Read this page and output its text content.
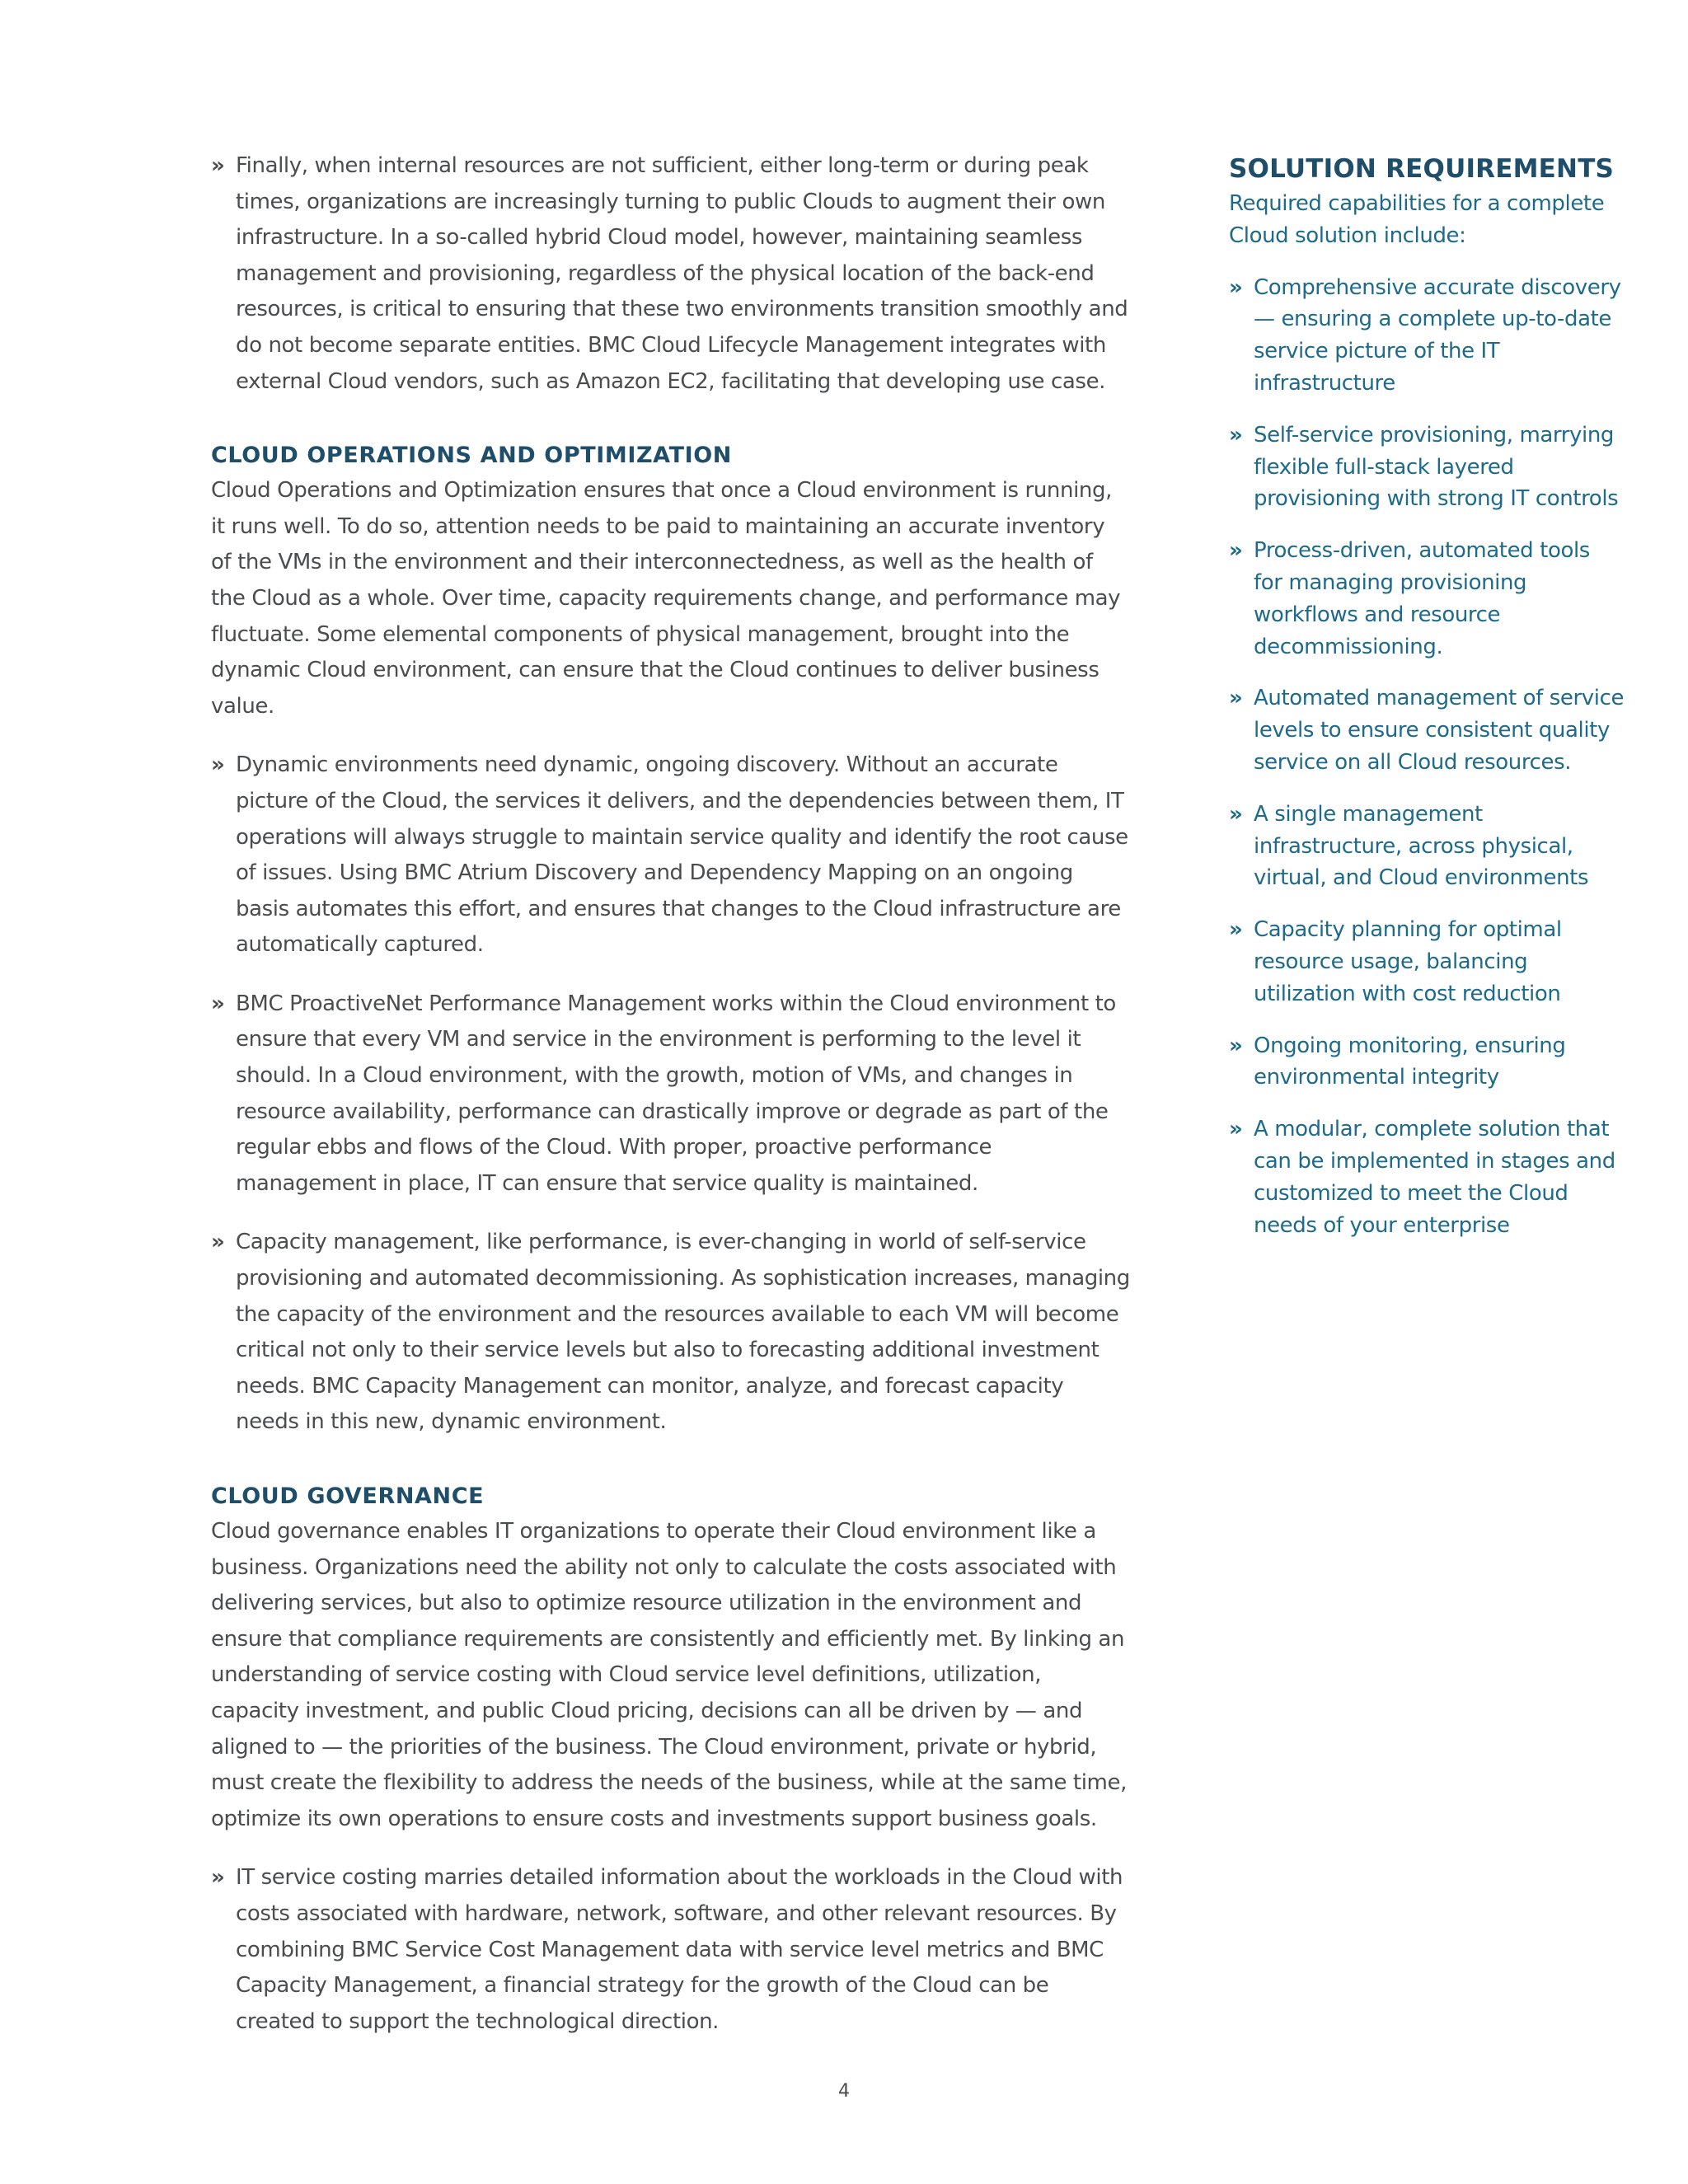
» Finally, when internal resources are not sufficient, either long-term or during peak times, organizations are increasingly turning to public Clouds to augment their own infrastructure. In a so-called hybrid Cloud model, however, maintaining seamless management and provisioning, regardless of the physical location of the back-end resources, is critical to ensuring that these two environments transition smoothly and do not become separate entities. BMC Cloud Lifecycle Management integrates with external Cloud vendors, such as Amazon EC2, facilitating that developing use case.

CLOUD OPERATIONS AND OPTIMIZATION

Cloud Operations and Optimization ensures that once a Cloud environment is running, it runs well. To do so, attention needs to be paid to maintaining an accurate inventory of the VMs in the environment and their interconnectedness, as well as the health of the Cloud as a whole. Over time, capacity requirements change, and performance may fluctuate. Some elemental components of physical management, brought into the dynamic Cloud environment, can ensure that the Cloud continues to deliver business value.

» Dynamic environments need dynamic, ongoing discovery. Without an accurate picture of the Cloud, the services it delivers, and the dependencies between them, IT operations will always struggle to maintain service quality and identify the root cause of issues. Using BMC Atrium Discovery and Dependency Mapping on an ongoing basis automates this effort, and ensures that changes to the Cloud infrastructure are automatically captured.

» BMC ProactiveNet Performance Management works within the Cloud environment to ensure that every VM and service in the environment is performing to the level it should. In a Cloud environment, with the growth, motion of VMs, and changes in resource availability, performance can drastically improve or degrade as part of the regular ebbs and flows of the Cloud. With proper, proactive performance management in place, IT can ensure that service quality is maintained.

» Capacity management, like performance, is ever-changing in world of self-service provisioning and automated decommissioning. As sophistication increases, managing the capacity of the environment and the resources available to each VM will become critical not only to their service levels but also to forecasting additional investment needs. BMC Capacity Management can monitor, analyze, and forecast capacity needs in this new, dynamic environment.

CLOUD GOVERNANCE

Cloud governance enables IT organizations to operate their Cloud environment like a business. Organizations need the ability not only to calculate the costs associated with delivering services, but also to optimize resource utilization in the environment and ensure that compliance requirements are consistently and efficiently met. By linking an understanding of service costing with Cloud service level definitions, utilization, capacity investment, and public Cloud pricing, decisions can all be driven by — and aligned to — the priorities of the business. The Cloud environment, private or hybrid, must create the flexibility to address the needs of the business, while at the same time, optimize its own operations to ensure costs and investments support business goals.

» IT service costing marries detailed information about the workloads in the Cloud with costs associated with hardware, network, software, and other relevant resources. By combining BMC Service Cost Management data with service level metrics and BMC Capacity Management, a financial strategy for the growth of the Cloud can be created to support the technological direction.

SOLUTION REQUIREMENTS

Required capabilities for a complete Cloud solution include:

» Comprehensive accurate discovery — ensuring a complete up-to-date service picture of the IT infrastructure
» Self-service provisioning, marrying flexible full-stack layered provisioning with strong IT controls
» Process-driven, automated tools for managing provisioning workflows and resource decommissioning.
» Automated management of service levels to ensure consistent quality service on all Cloud resources.
» A single management infrastructure, across physical, virtual, and Cloud environments
» Capacity planning for optimal resource usage, balancing utilization with cost reduction
» Ongoing monitoring, ensuring environmental integrity
» A modular, complete solution that can be implemented in stages and customized to meet the Cloud needs of your enterprise
4
